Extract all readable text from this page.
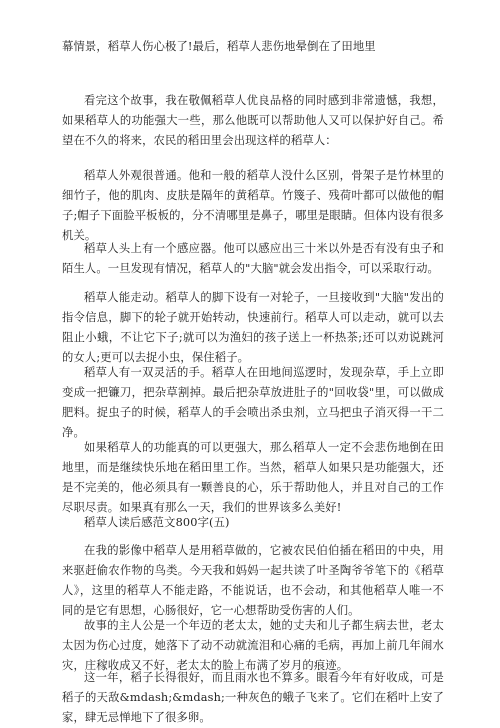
幕情景，稻草人伤心极了!最后，稻草人悲伤地晕倒在了田地里

看完这个故事，我在敬佩稻草人优良品格的同时感到非常遗憾，我想，如果稻草人的功能强大一些，那么他既可以帮助他人又可以保护好自己。希望在不久的将来，农民的稻田里会出现这样的稻草人：

稻草人外观很普通。他和一般的稻草人没什么区别，骨架子是竹林里的细竹子，他的肌肉、皮肤是隔年的黄稻草。竹篾子、残荷叶都可以做他的帽子;帽子下面脸平板板的，分不清哪里是鼻子，哪里是眼睛。但体内设有很多机关。

稻草人头上有一个感应器。他可以感应出三十米以外是否有没有虫子和陌生人。一旦发现有情况，稻草人的"大脑"就会发出指令，可以采取行动。

稻草人能走动。稻草人的脚下设有一对轮子，一旦接收到"大脑"发出的指令信息，脚下的轮子就开始转动，快速前行。稻草人可以走动，就可以去阻止小蛾，不让它下子;就可以为渔妇的孩子送上一杯热茶;还可以劝说跳河的女人;更可以去捉小虫，保住稻子。

稻草人有一双灵活的手。稻草人在田地间巡逻时，发现杂草，手上立即变成一把镰刀，把杂草割掉。最后把杂草放进肚子的"回收袋"里，可以做成肥料。捉虫子的时候，稻草人的手会喷出杀虫剂，立马把虫子消灭得一干二净。

如果稻草人的功能真的可以更强大，那么稻草人一定不会悲伤地倒在田地里，而是继续快乐地在稻田里工作。当然，稻草人如果只是功能强大，还是不完美的，他必须具有一颗善良的心，乐于帮助他人，并且对自己的工作尽职尽责。如果真有那么一天，我们的世界该多么美好!

稻草人读后感范文800字(五)

在我的影像中稻草人是用稻草做的，它被农民伯伯插在稻田的中央，用来驱赶偷农作物的鸟类。今天我和妈妈一起共读了叶圣陶爷爷笔下的《稻草人》，这里的稻草人不能走路，不能说话，也不会动，和其他稻草人唯一不同的是它有思想，心肠很好，它一心想帮助受伤害的人们。

故事的主人公是一个年迈的老太太，她的丈夫和儿子都生病去世，老太太因为伤心过度，她落下了动不动就流泪和心痛的毛病，再加上前几年闹水灾，庄稼收成又不好，老太太的脸上布满了岁月的痕迹。

这一年，稻子长得很好，而且雨水也不算多。眼看今年有好收成，可是稻子的天敌&mdash;&mdash;一种灰色的蛾子飞来了。它们在稻叶上安了家，肆无忌惮地下了很多卵。
